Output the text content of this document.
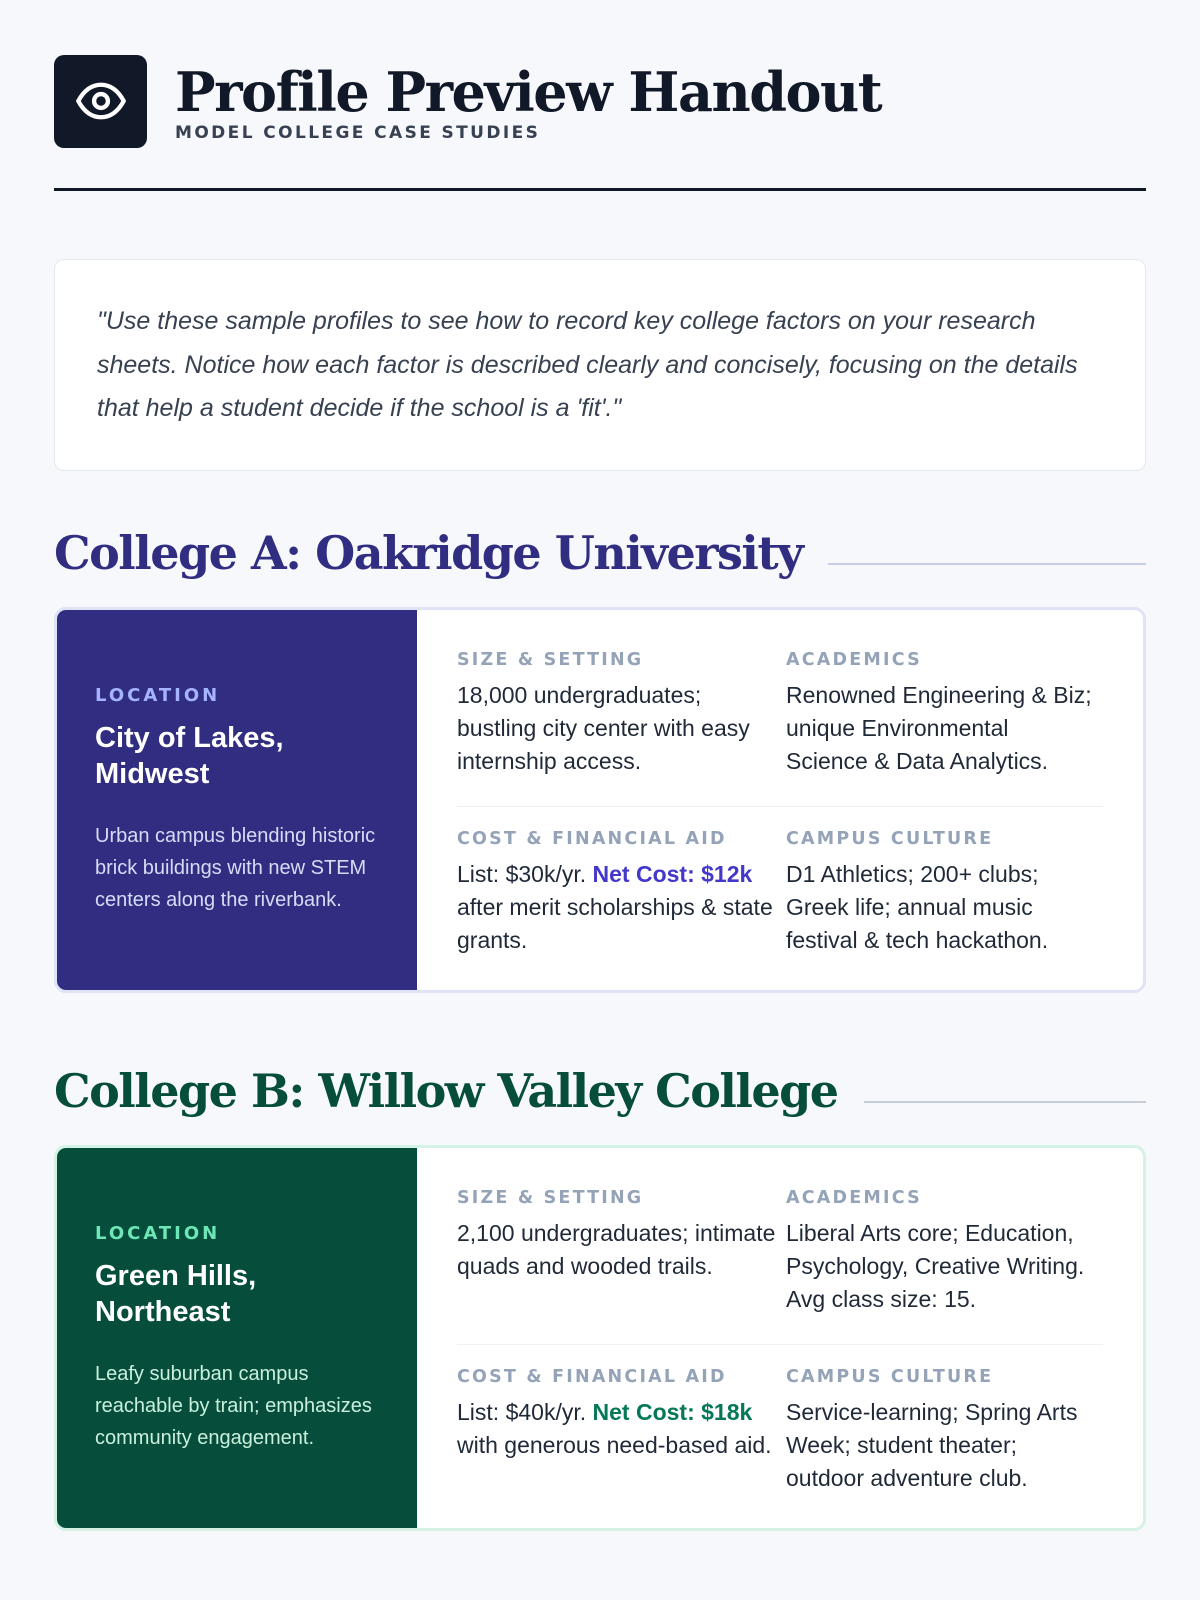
Profile Preview Handout
MODEL COLLEGE CASE STUDIES

"Use these sample profiles to see how to record key college factors on your research sheets. Notice how each factor is described clearly and concisely, focusing on the details that help a student decide if the school is a 'fit'."

College A: Oakridge University
LOCATION
City of Lakes, Midwest
Urban campus blending historic brick buildings with new STEM centers along the riverbank.
SIZE & SETTING
18,000 undergraduates; bustling city center with easy internship access.
ACADEMICS
Renowned Engineering & Biz; unique Environmental Science & Data Analytics.
COST & FINANCIAL AID
List: $30k/yr. Net Cost: $12k after merit scholarships & state grants.
CAMPUS CULTURE
D1 Athletics; 200+ clubs; Greek life; annual music festival & tech hackathon.
College B: Willow Valley College
LOCATION
Green Hills, Northeast
Leafy suburban campus reachable by train; emphasizes community engagement.
SIZE & SETTING
2,100 undergraduates; intimate quads and wooded trails.
ACADEMICS
Liberal Arts core; Education, Psychology, Creative Writing. Avg class size: 15.
COST & FINANCIAL AID
List: $40k/yr. Net Cost: $18k with generous need-based aid.
CAMPUS CULTURE
Service-learning; Spring Arts Week; student theater; outdoor adventure club.
